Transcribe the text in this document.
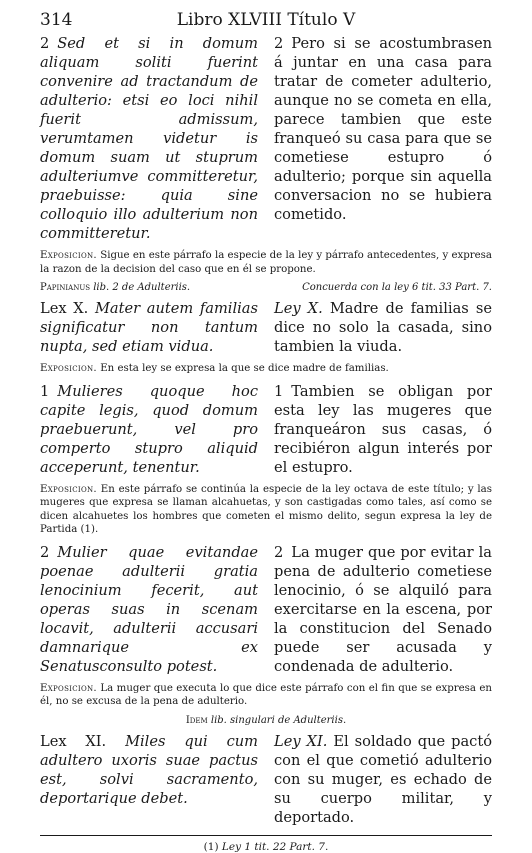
314	Libro XLVIII Título V
2 Sed et si in domum aliquam soliti fuerint convenire ad tractandum de adulterio: etsi eo loci nihil fuerit admissum, verumtamen videtur is domum suam ut stuprum adulteriumve committeretur, praebuisse: quia sine colloquio illo adulterium non committeretur.
2 Pero si se acostumbrasen á juntar en una casa para tratar de cometer adulterio, aunque no se cometa en ella, parece tambien que este franqueó su casa para que se cometiese estupro ó adulterio; porque sin aquella conversacion no se hubiera cometido.
Exposicion. Sigue en este párrafo la especie de la ley y párrafo antecedentes, y expresa la razon de la decision del caso que en él se propone.
Papinianus lib. 2 de Adulteriis.	Concuerda con la ley 6 tit. 33 Part. 7.
Lex X. Mater autem familias significatur non tantum nupta, sed etiam vidua.
Ley X. Madre de familias se dice no solo la casada, sino tambien la viuda.
Exposicion. En esta ley se expresa la que se dice madre de familias.
1 Mulieres quoque hoc capite legis, quod domum praebuerunt, vel pro comperto stupro aliquid acceperunt, tenentur.
1 Tambien se obligan por esta ley las mugeres que franqueáron sus casas, ó recibiéron algun interés por el estupro.
Exposicion. En este párrafo se continúa la especie de la ley octava de este título; y las mugeres que expresa se llaman alcahuetas, y son castigadas como tales, así como se dicen alcahuetes los hombres que cometen el mismo delito, segun expresa la ley de Partida (1).
2 Mulier quae evitandae poenae adulterii gratia lenocinium fecerit, aut operas suas in scenam locavit, adulterii accusari damnarique ex Senatusconsulto potest.
2 La muger que por evitar la pena de adulterio cometiese lenocinio, ó se alquiló para exercitarse en la escena, por la constitucion del Senado puede ser acusada y condenada de adulterio.
Exposicion. La muger que executa lo que dice este párrafo con el fin que se expresa en él, no se excusa de la pena de adulterio.
Idem lib. singulari de Adulteriis.
Lex XI. Miles qui cum adultero uxoris suae pactus est, solvi sacramento, deportarique debet.
Ley XI. El soldado que pactó con el que cometió adulterio con su muger, es echado de su cuerpo militar, y deportado.
(1) Ley 1 tit. 22 Part. 7.
